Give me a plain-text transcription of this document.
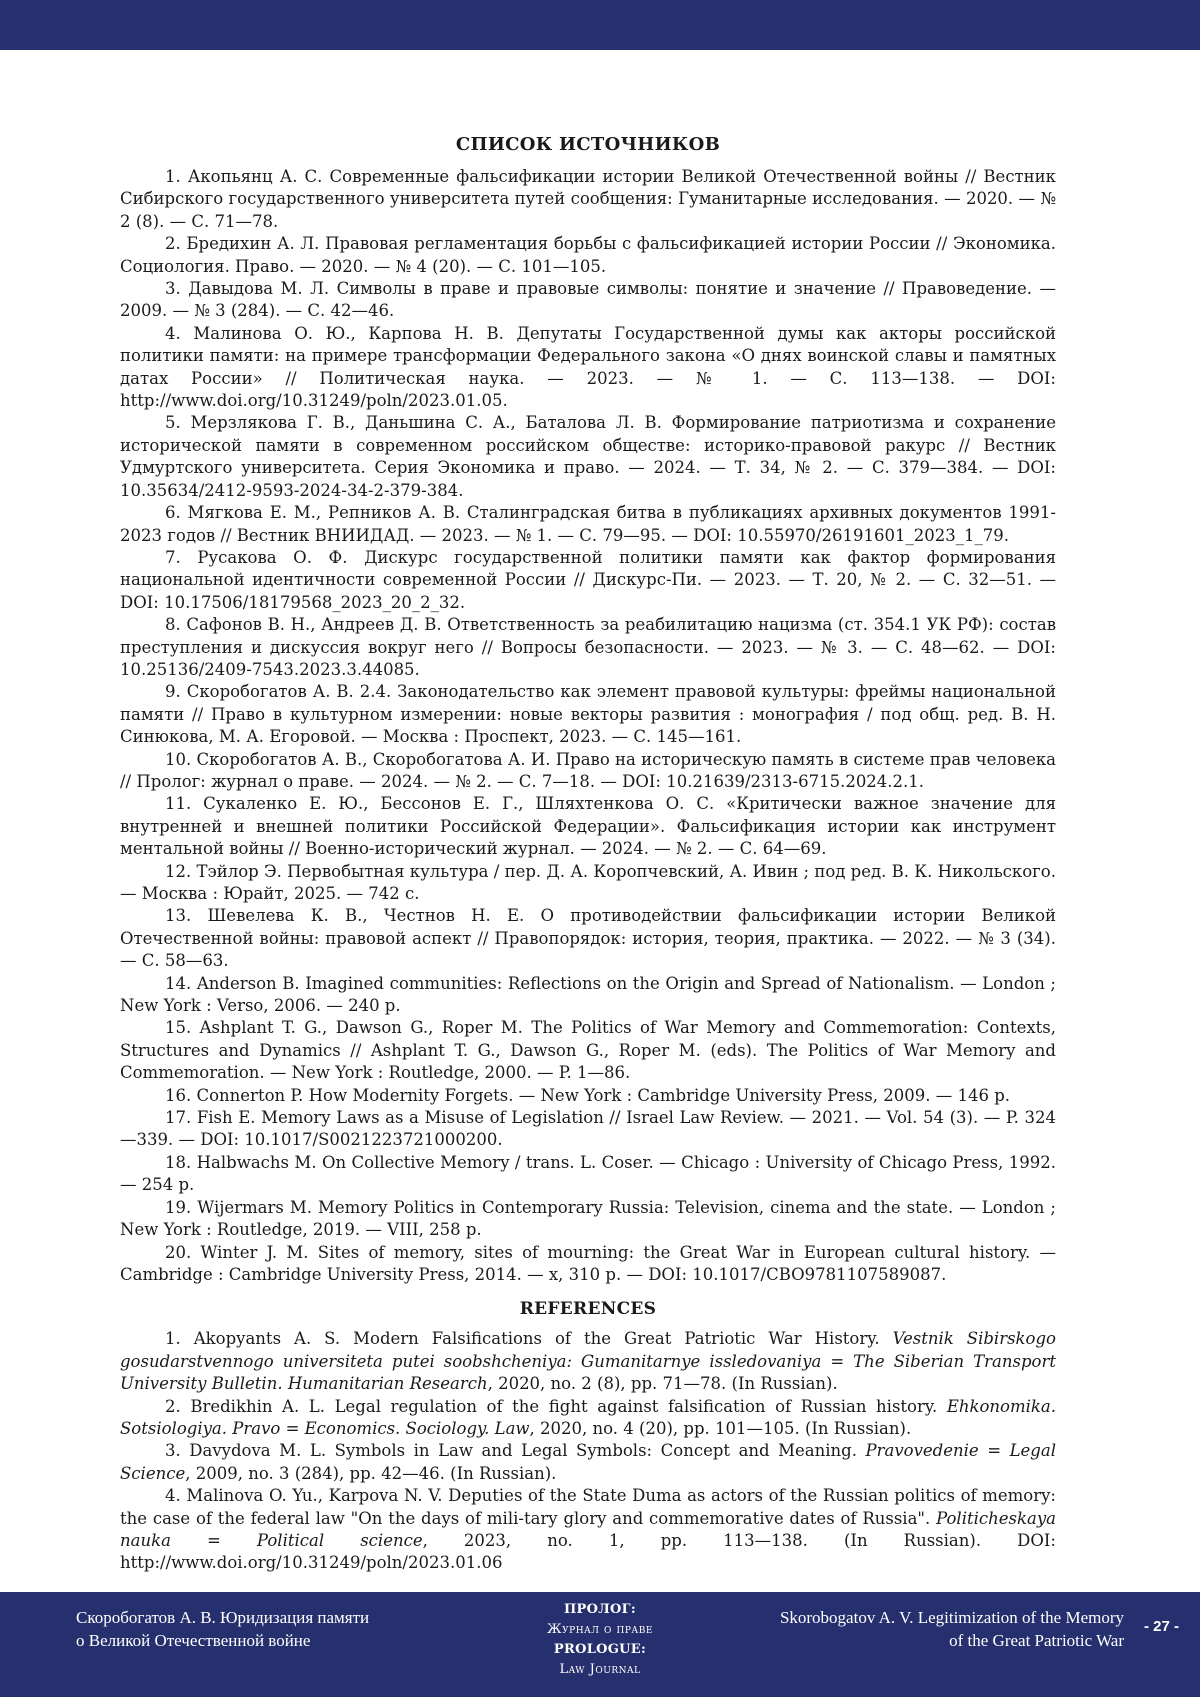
СПИСОК ИСТОЧНИКОВ
1. Акопьянц А. С. Современные фальсификации истории Великой Отечественной войны // Вестник Сибирского государственного университета путей сообщения: Гуманитарные исследования. — 2020. — № 2 (8). — С. 71—78.
2. Бредихин А. Л. Правовая регламентация борьбы с фальсификацией истории России // Экономика. Социология. Право. — 2020. — № 4 (20). — С. 101—105.
3. Давыдова М. Л. Символы в праве и правовые символы: понятие и значение // Правоведение. — 2009. — № 3 (284). — С. 42—46.
4. Малинова О. Ю., Карпова Н. В. Депутаты Государственной думы как акторы российской политики памяти: на примере трансформации Федерального закона «О днях воинской славы и памятных датах России» // Политическая наука. — 2023. — № 1. — С. 113—138. — DOI: http://www.doi.org/10.31249/poln/2023.01.05.
5. Мерзлякова Г. В., Даньшина С. А., Баталова Л. В. Формирование патриотизма и сохранение исторической памяти в современном российском обществе: историко-правовой ракурс // Вестник Удмуртского университета. Серия Экономика и право. — 2024. — Т. 34, № 2. — С. 379—384. — DOI: 10.35634/2412-9593-2024-34-2-379-384.
6. Мягкова Е. М., Репников А. В. Сталинградская битва в публикациях архивных документов 1991-2023 годов // Вестник ВНИИДАД. — 2023. — № 1. — С. 79—95. — DOI: 10.55970/26191601_2023_1_79.
7. Русакова О. Ф. Дискурс государственной политики памяти как фактор формирования национальной идентичности современной России // Дискурс-Пи. — 2023. — Т. 20, № 2. — С. 32—51. — DOI: 10.17506/18179568_2023_20_2_32.
8. Сафонов В. Н., Андреев Д. В. Ответственность за реабилитацию нацизма (ст. 354.1 УК РФ): состав преступления и дискуссия вокруг него // Вопросы безопасности. — 2023. — № 3. — С. 48—62. — DOI: 10.25136/2409-7543.2023.3.44085.
9. Скоробогатов А. В. 2.4. Законодательство как элемент правовой культуры: фреймы национальной памяти // Право в культурном измерении: новые векторы развития : монография / под общ. ред. В. Н. Синюкова, М. А. Егоровой. — Москва : Проспект, 2023. — С. 145—161.
10. Скоробогатов А. В., Скоробогатова А. И. Право на историческую память в системе прав человека // Пролог: журнал о праве. — 2024. — № 2. — С. 7—18. — DOI: 10.21639/2313-6715.2024.2.1.
11. Сукаленко Е. Ю., Бессонов Е. Г., Шляхтенкова О. С. «Критически важное значение для внутренней и внешней политики Российской Федерации». Фальсификация истории как инструмент ментальной войны // Военно-исторический журнал. — 2024. — № 2. — С. 64—69.
12. Тэйлор Э. Первобытная культура / пер. Д. А. Коропчевский, А. Ивин ; под ред. В. К. Никольского. — Москва : Юрайт, 2025. — 742 с.
13. Шевелева К. В., Честнов Н. Е. О противодействии фальсификации истории Великой Отечественной войны: правовой аспект // Правопорядок: история, теория, практика. — 2022. — № 3 (34). — С. 58—63.
14. Anderson B. Imagined communities: Reflections on the Origin and Spread of Nationalism. — London ; New York : Verso, 2006. — 240 p.
15. Ashplant T. G., Dawson G., Roper M. The Politics of War Memory and Commemoration: Contexts, Structures and Dynamics // Ashplant T. G., Dawson G., Roper M. (eds). The Politics of War Memory and Commemoration. — New York : Routledge, 2000. — P. 1—86.
16. Connerton P. How Modernity Forgets. — New York : Cambridge University Press, 2009. — 146 p.
17. Fish E. Memory Laws as a Misuse of Legislation // Israel Law Review. — 2021. — Vol. 54 (3). — P. 324—339. — DOI: 10.1017/S0021223721000200.
18. Halbwachs M. On Collective Memory / trans. L. Coser. — Chicago : University of Chicago Press, 1992. — 254 p.
19. Wijermars M. Memory Politics in Contemporary Russia: Television, cinema and the state. — London ; New York : Routledge, 2019. — VIII, 258 p.
20. Winter J. M. Sites of memory, sites of mourning: the Great War in European cultural history. — Cambridge : Cambridge University Press, 2014. — x, 310 p. — DOI: 10.1017/CBO9781107589087.
REFERENCES
1. Akopyants A. S. Modern Falsifications of the Great Patriotic War History. Vestnik Sibirskogo gosudarstvennogo universiteta putei soobshcheniya: Gumanitarnye issledovaniya = The Siberian Transport University Bulletin. Humanitarian Research, 2020, no. 2 (8), pp. 71—78. (In Russian).
2. Bredikhin A. L. Legal regulation of the fight against falsification of Russian history. Ehkonomika. Sotsiologiya. Pravo = Economics. Sociology. Law, 2020, no. 4 (20), pp. 101—105. (In Russian).
3. Davydova M. L. Symbols in Law and Legal Symbols: Concept and Meaning. Pravovedenie = Legal Science, 2009, no. 3 (284), pp. 42—46. (In Russian).
4. Malinova O. Yu., Karpova N. V. Deputies of the State Duma as actors of the Russian politics of memory: the case of the federal law "On the days of mili-tary glory and commemorative dates of Russia". Politicheskaya nauka = Political science, 2023, no. 1, pp. 113—138. (In Russian). DOI: http://www.doi.org/10.31249/poln/2023.01.06
Скоробогатов А. В. Юридизация памяти
о Великой Отечественной войне
ПРОЛОГ:
Журнал о праве
PROLOGUE:
Law Journal
Skorobogatov A. V. Legitimization of the Memory
of the Great Patriotic War
- 27 -
